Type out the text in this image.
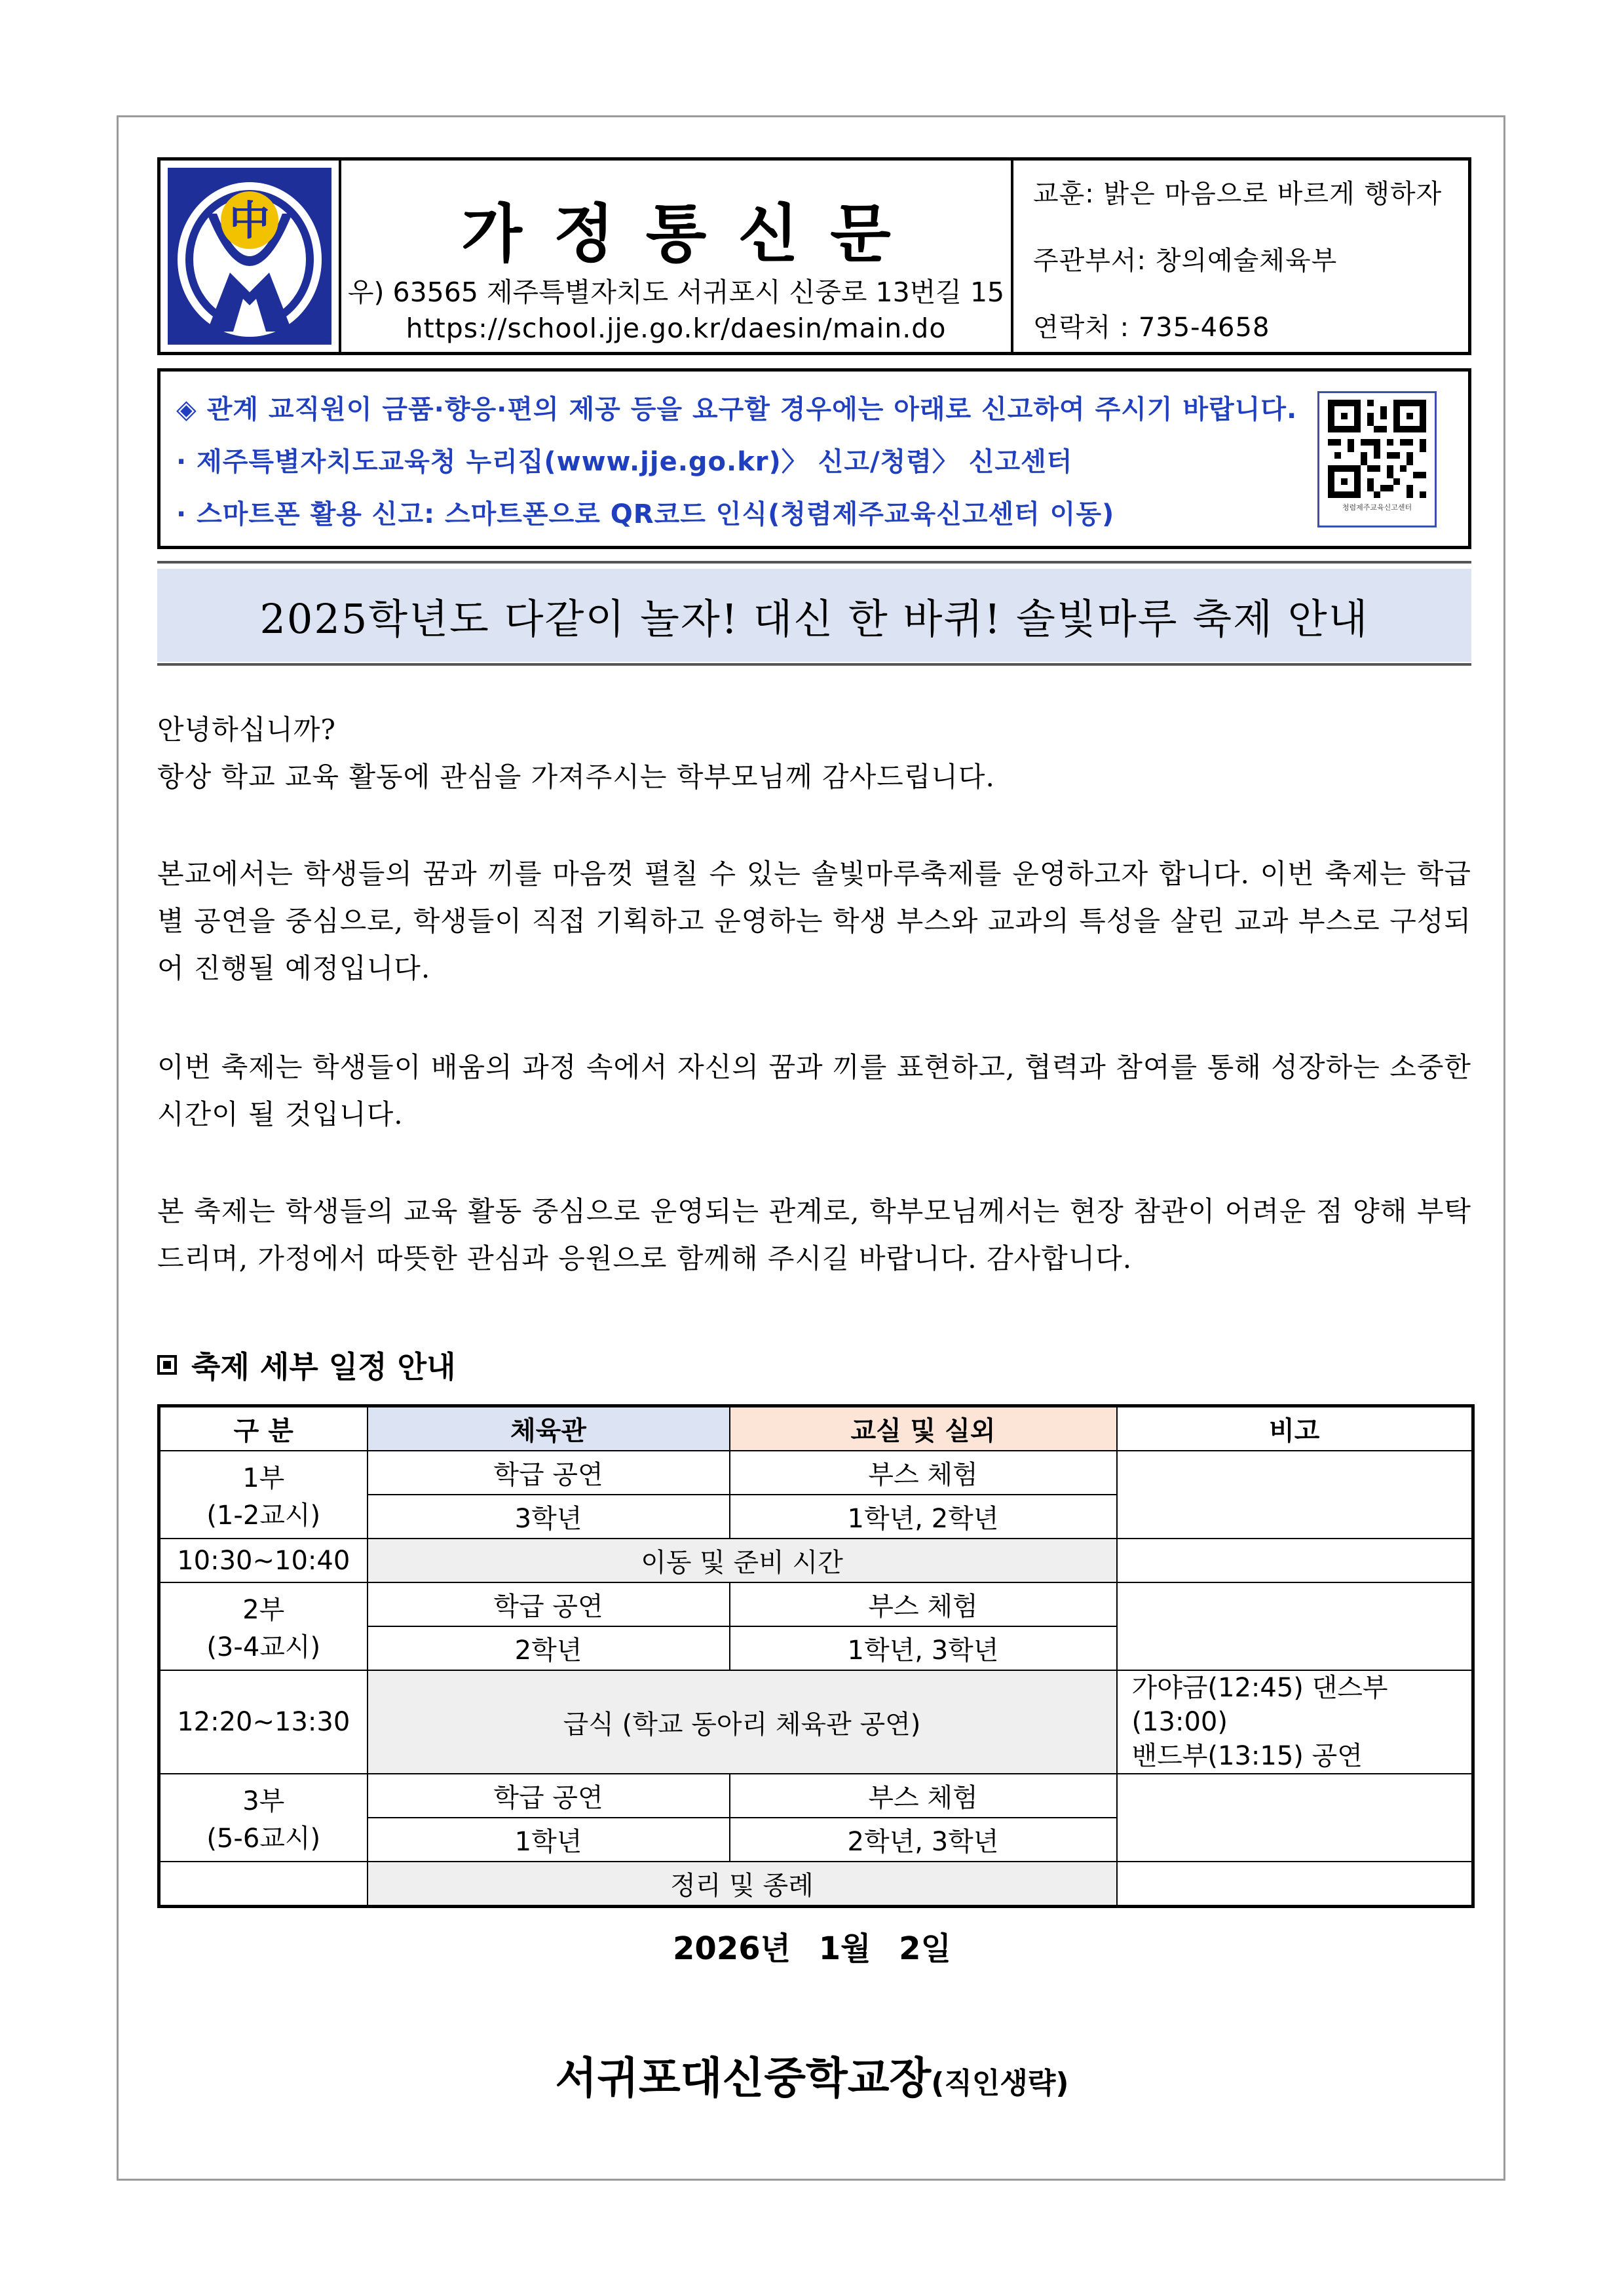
中	가정통신문
우) 63565 제주특별자치도 서귀포시 신중로 13번길 15
https://school.jje.go.kr/daesin/main.do
교훈: 밝은 마음으로 바르게 행하자
주관부서: 창의예술체육부
연락처 : 735-4658
◈ 관계 교직원이 금품·향응·편의 제공 등을 요구할 경우에는 아래로 신고하여 주시기 바랍니다.
· 제주특별자치도교육청 누리집(www.jje.go.kr)〉 신고/청렴〉 신고센터
· 스마트폰 활용 신고: 스마트폰으로 QR코드 인식(청렴제주교육신고센터 이동)	청렴제주교육신고센터
2025학년도 다같이 놀자! 대신 한 바퀴! 솔빛마루 축제 안내
안녕하십니까?
항상 학교 교육 활동에 관심을 가져주시는 학부모님께 감사드립니다.
본교에서는 학생들의 꿈과 끼를 마음껏 펼칠 수 있는 솔빛마루축제를 운영하고자 합니다. 이번 축제는 학급별 공연을 중심으로, 학생들이 직접 기획하고 운영하는 학생 부스와 교과의 특성을 살린 교과 부스로 구성되어 진행될 예정입니다.
이번 축제는 학생들이 배움의 과정 속에서 자신의 꿈과 끼를 표현하고, 협력과 참여를 통해 성장하는 소중한 시간이 될 것입니다.
본 축제는 학생들의 교육 활동 중심으로 운영되는 관계로, 학부모님께서는 현장 참관이 어려운 점 양해 부탁드리며, 가정에서 따뜻한 관심과 응원으로 함께해 주시길 바랍니다. 감사합니다.
축제 세부 일정 안내
구 분	체육관	교실 및 실외	비고
1부
(1-2교시)	학급 공연	부스 체험	
	3학년	1학년, 2학년	
10:30~10:40	이동 및 준비 시간		
2부
(3-4교시)	학급 공연	부스 체험	
	2학년	1학년, 3학년	
12:20~13:30	급식 (학교 동아리 체육관 공연)		가야금(12:45) 댄스부(13:00)
밴드부(13:15) 공연
3부
(5-6교시)	학급 공연	부스 체험	
	1학년	2학년, 3학년	
	정리 및 종례		
2026년 1월 2일
서귀포대신중학교장(직인생략)
